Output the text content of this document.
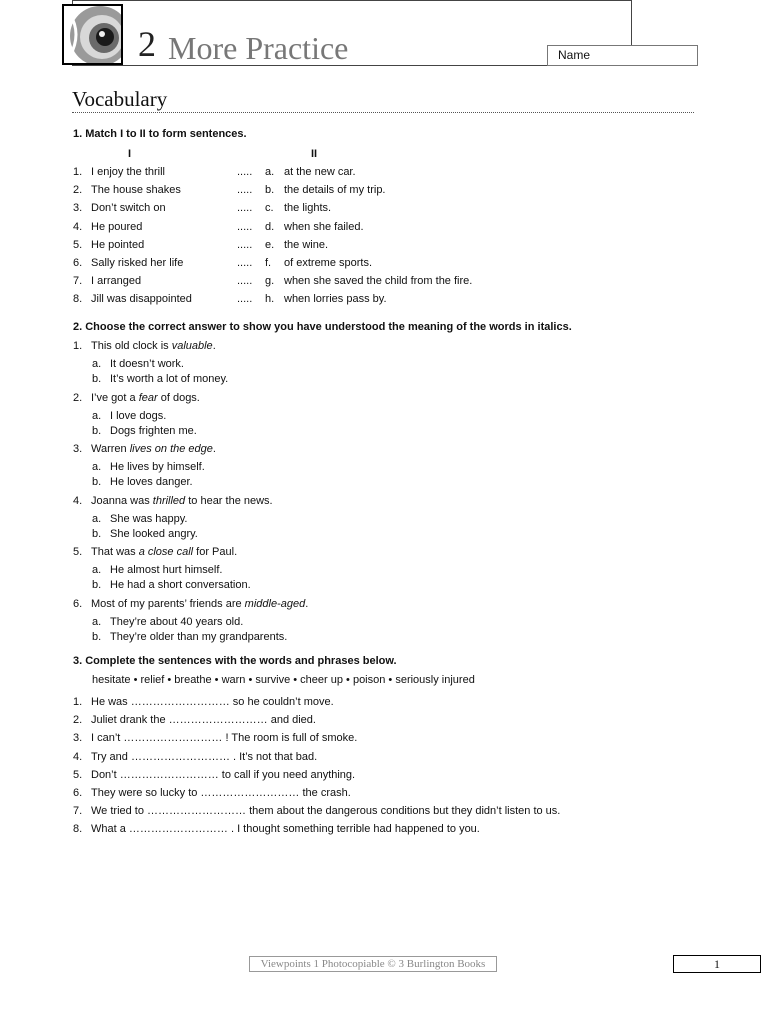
2 More Practice	Name
Vocabulary
1. Match I to II to form sentences.
I	II
1. I enjoy the thrill	..... a. at the new car.
2. The house shakes	..... b. the details of my trip.
3. Don’t switch on	..... c. the lights.
4. He poured	..... d. when she failed.
5. He pointed	..... e. the wine.
6. Sally risked her life	..... f. of extreme sports.
7. I arranged	..... g. when she saved the child from the fire.
8. Jill was disappointed	..... h. when lorries pass by.
2. Choose the correct answer to show you have understood the meaning of the words in italics.
1. This old clock is valuable.
a. It doesn’t work.
b. It’s worth a lot of money.
2. I’ve got a fear of dogs.
a. I love dogs.
b. Dogs frighten me.
3. Warren lives on the edge.
a. He lives by himself.
b. He loves danger.
4. Joanna was thrilled to hear the news.
a. She was happy.
b. She looked angry.
5. That was a close call for Paul.
a. He almost hurt himself.
b. He had a short conversation.
6. Most of my parents’ friends are middle-aged.
a. They’re about 40 years old.
b. They’re older than my grandparents.
3. Complete the sentences with the words and phrases below.
hesitate • relief • breathe • warn • survive • cheer up • poison • seriously injured
1. He was ……………………… so he couldn’t move.
2. Juliet drank the ……………………… and died.
3. I can’t ……………………… ! The room is full of smoke.
4. Try and ……………………… . It’s not that bad.
5. Don’t ……………………… to call if you need anything.
6. They were so lucky to ……………………… the crash.
7. We tried to ……………………… them about the dangerous conditions but they didn’t listen to us.
8. What a ……………………… . I thought something terrible had happened to you.
Viewpoints 1 Photocopiable © 3 Burlington Books	1
